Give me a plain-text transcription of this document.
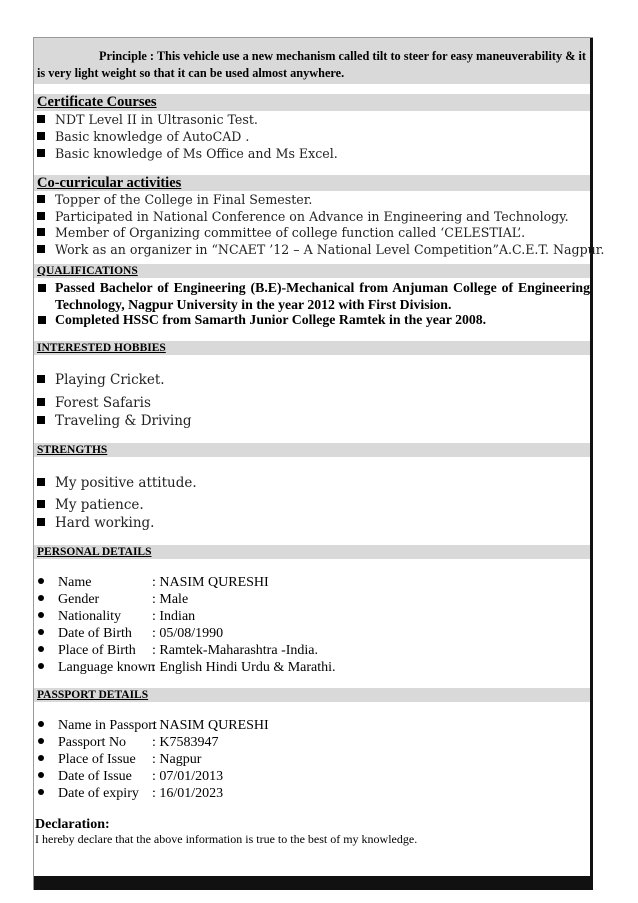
Principle : This vehicle use a new mechanism called tilt to steer for easy maneuverability & it is very light weight so that it can be used almost anywhere.

Certificate Courses
NDT Level II in Ultrasonic Test.
Basic knowledge of AutoCAD .
Basic knowledge of Ms Office and Ms Excel.
Co-curricular activities
Topper of the College in Final Semester.
Participated in National Conference on Advance in Engineering and Technology.
Member of Organizing committee of college function called ‘CELESTIAL’.
Work as an organizer in “NCAET ’12 – A National Level Competition”A.C.E.T. Nagpur.
QUALIFICATIONS
Passed Bachelor of Engineering (B.E)-Mechanical from Anjuman College of Engineering Technology, Nagpur University in the year 2012 with First Division.
Completed HSSC from Samarth Junior College Ramtek in the year 2008.
INTERESTED HOBBIES
Playing Cricket.
Forest Safaris
Traveling & Driving
STRENGTHS
My positive attitude.
My patience.
Hard working.
PERSONAL DETAILS
Name	: NASIM QURESHI
Gender	: Male
Nationality : Indian
Date of Birth : 05/08/1990
Place of Birth : Ramtek-Maharashtra -India.
Language known: English Hindi Urdu & Marathi.
PASSPORT DETAILS
Name in Passport: NASIM QURESHI
Passport No : K7583947
Place of Issue : Nagpur
Date of Issue : 07/01/2013
Date of expiry : 16/01/2023
Declaration:
I hereby declare that the above information is true to the best of my knowledge.
